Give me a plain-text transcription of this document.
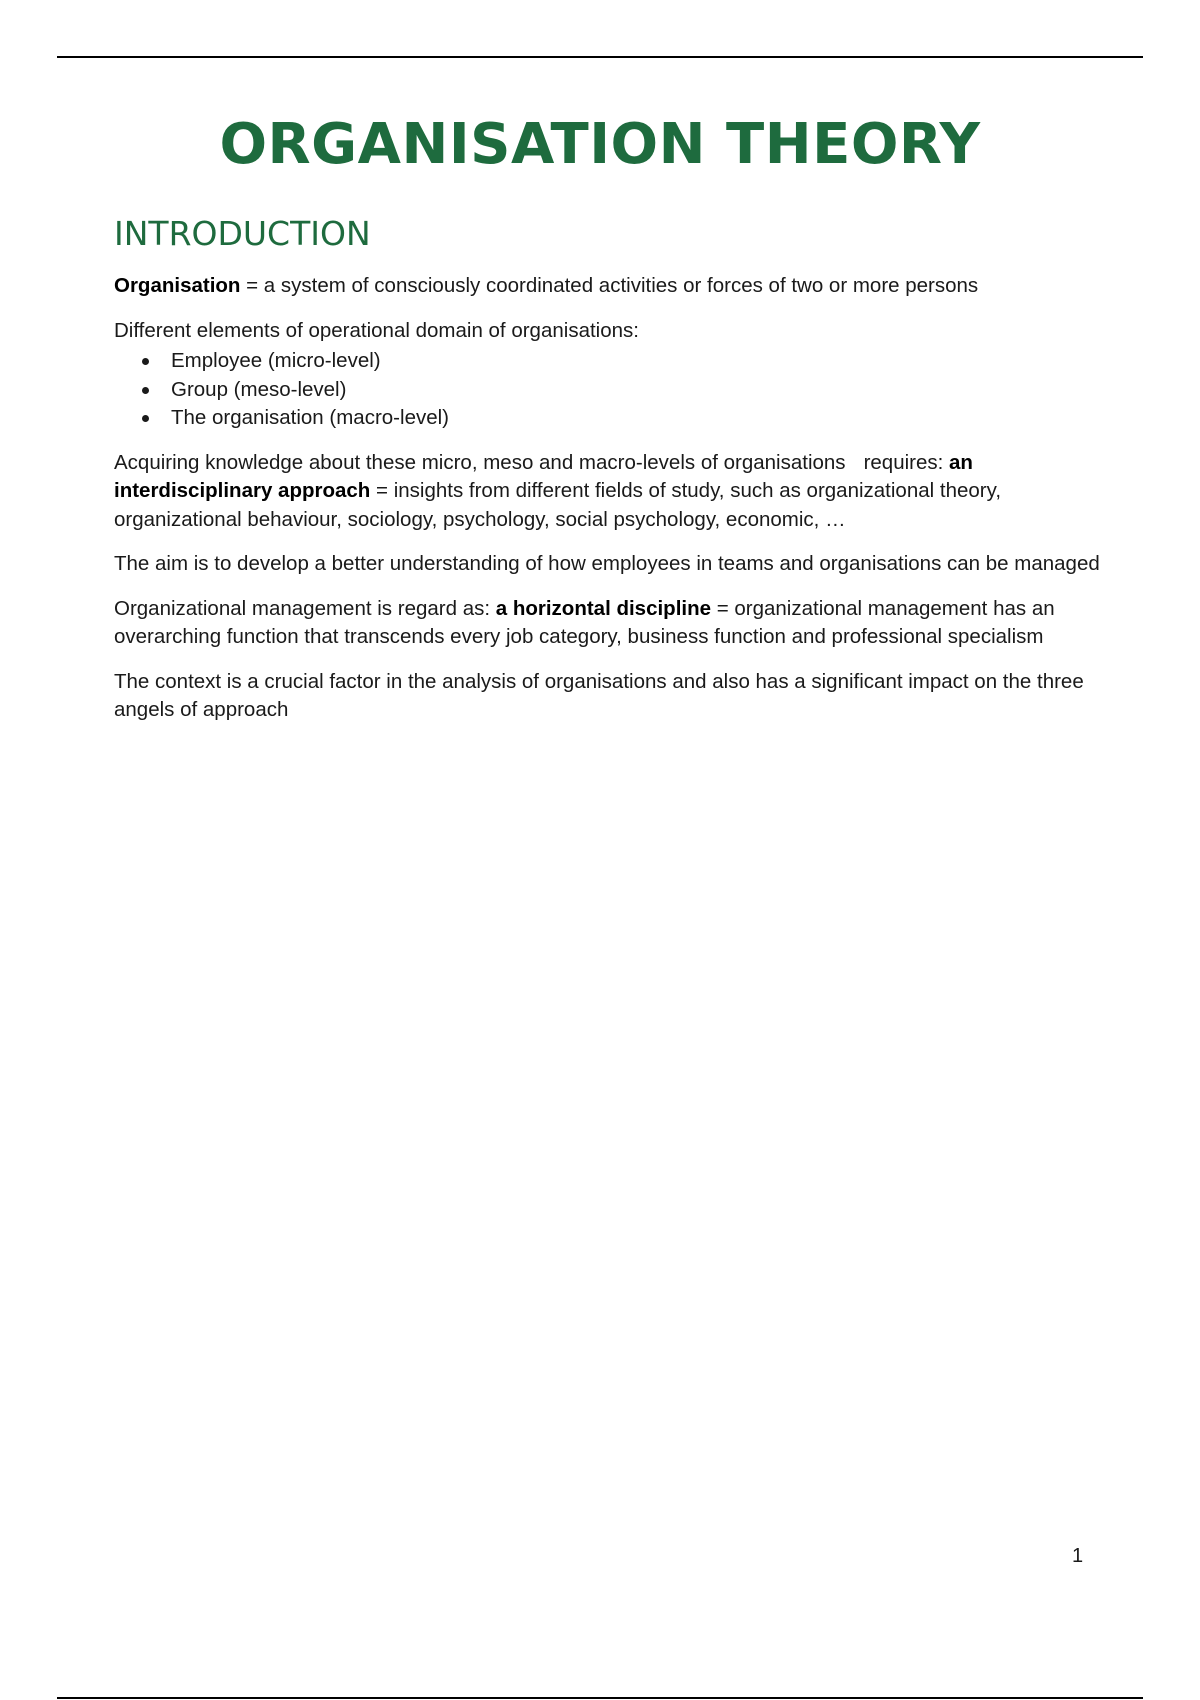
ORGANISATION THEORY
INTRODUCTION

Organisation = a system of consciously coordinated activities or forces of two or more persons

Different elements of operational domain of organisations:

Employee (micro-level)
Group (meso-level)
The organisation (macro-level)

Acquiring knowledge about these micro, meso and macro-levels of organisations requires: an interdisciplinary approach = insights from different fields of study, such as organizational theory, organizational behaviour, sociology, psychology, social psychology, economic, …

The aim is to develop a better understanding of how employees in teams and organisations can be managed

Organizational management is regard as: a horizontal discipline = organizational management has an overarching function that transcends every job category, business function and professional specialism

The context is a crucial factor in the analysis of organisations and also has a significant impact on the three angels of approach

1
